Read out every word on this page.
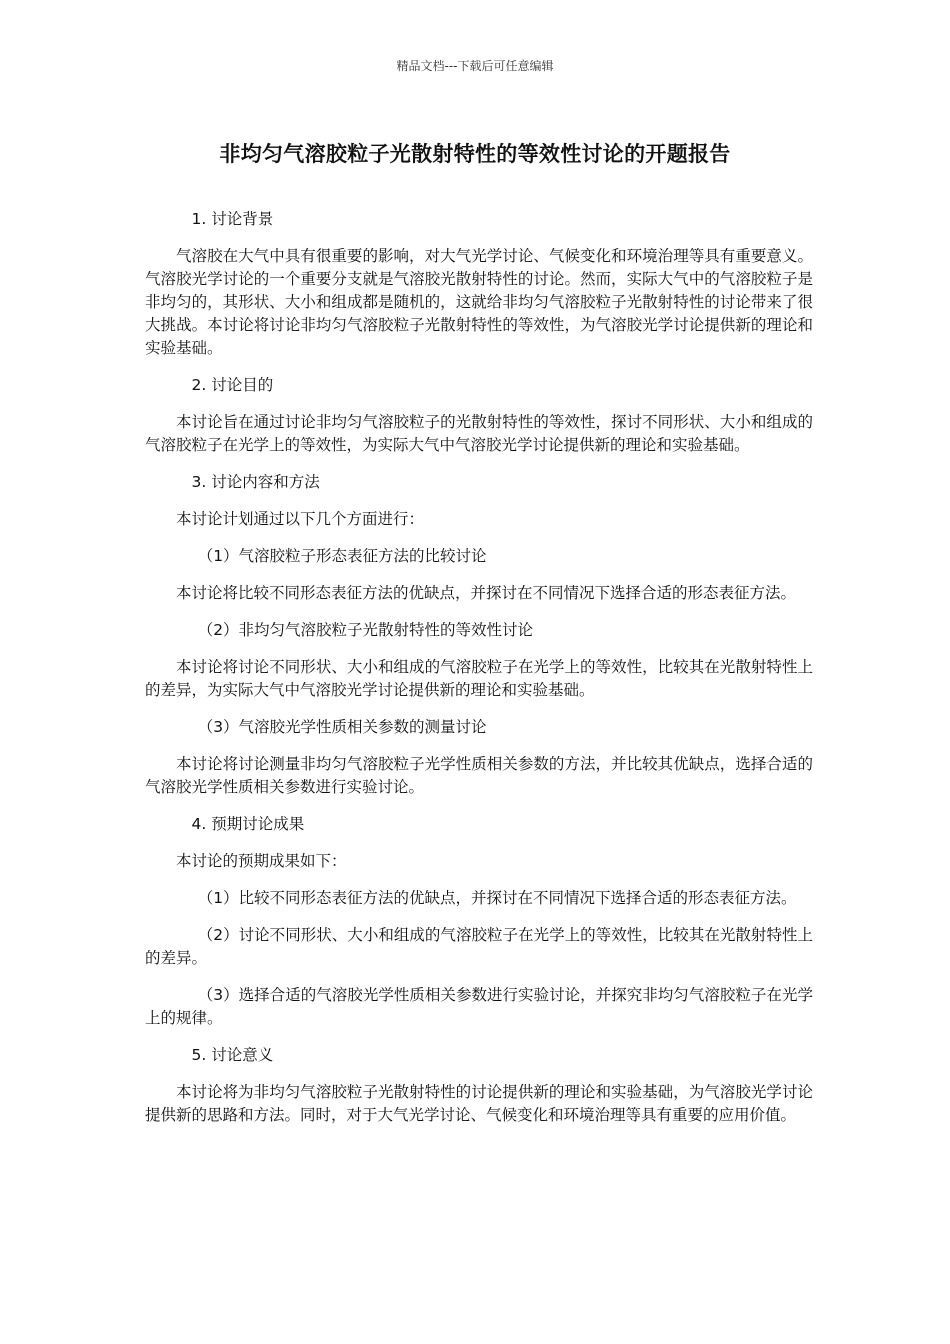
精品文档---下载后可任意编辑
非均匀气溶胶粒子光散射特性的等效性讨论的开题报告

1. 讨论背景

气溶胶在大气中具有很重要的影响，对大气光学讨论、气候变化和环境治理等具有重要意义。气溶胶光学讨论的一个重要分支就是气溶胶光散射特性的讨论。然而，实际大气中的气溶胶粒子是非均匀的，其形状、大小和组成都是随机的，这就给非均匀气溶胶粒子光散射特性的讨论带来了很大挑战。本讨论将讨论非均匀气溶胶粒子光散射特性的等效性，为气溶胶光学讨论提供新的理论和实验基础。

2. 讨论目的

本讨论旨在通过讨论非均匀气溶胶粒子的光散射特性的等效性，探讨不同形状、大小和组成的气溶胶粒子在光学上的等效性，为实际大气中气溶胶光学讨论提供新的理论和实验基础。

3. 讨论内容和方法

本讨论计划通过以下几个方面进行：

（1）气溶胶粒子形态表征方法的比较讨论

本讨论将比较不同形态表征方法的优缺点，并探讨在不同情况下选择合适的形态表征方法。

（2）非均匀气溶胶粒子光散射特性的等效性讨论

本讨论将讨论不同形状、大小和组成的气溶胶粒子在光学上的等效性，比较其在光散射特性上的差异，为实际大气中气溶胶光学讨论提供新的理论和实验基础。

（3）气溶胶光学性质相关参数的测量讨论

本讨论将讨论测量非均匀气溶胶粒子光学性质相关参数的方法，并比较其优缺点，选择合适的气溶胶光学性质相关参数进行实验讨论。

4. 预期讨论成果

本讨论的预期成果如下：

（1）比较不同形态表征方法的优缺点，并探讨在不同情况下选择合适的形态表征方法。

（2）讨论不同形状、大小和组成的气溶胶粒子在光学上的等效性，比较其在光散射特性上的差异。

（3）选择合适的气溶胶光学性质相关参数进行实验讨论，并探究非均匀气溶胶粒子在光学上的规律。

5. 讨论意义

本讨论将为非均匀气溶胶粒子光散射特性的讨论提供新的理论和实验基础，为气溶胶光学讨论提供新的思路和方法。同时，对于大气光学讨论、气候变化和环境治理等具有重要的应用价值。
